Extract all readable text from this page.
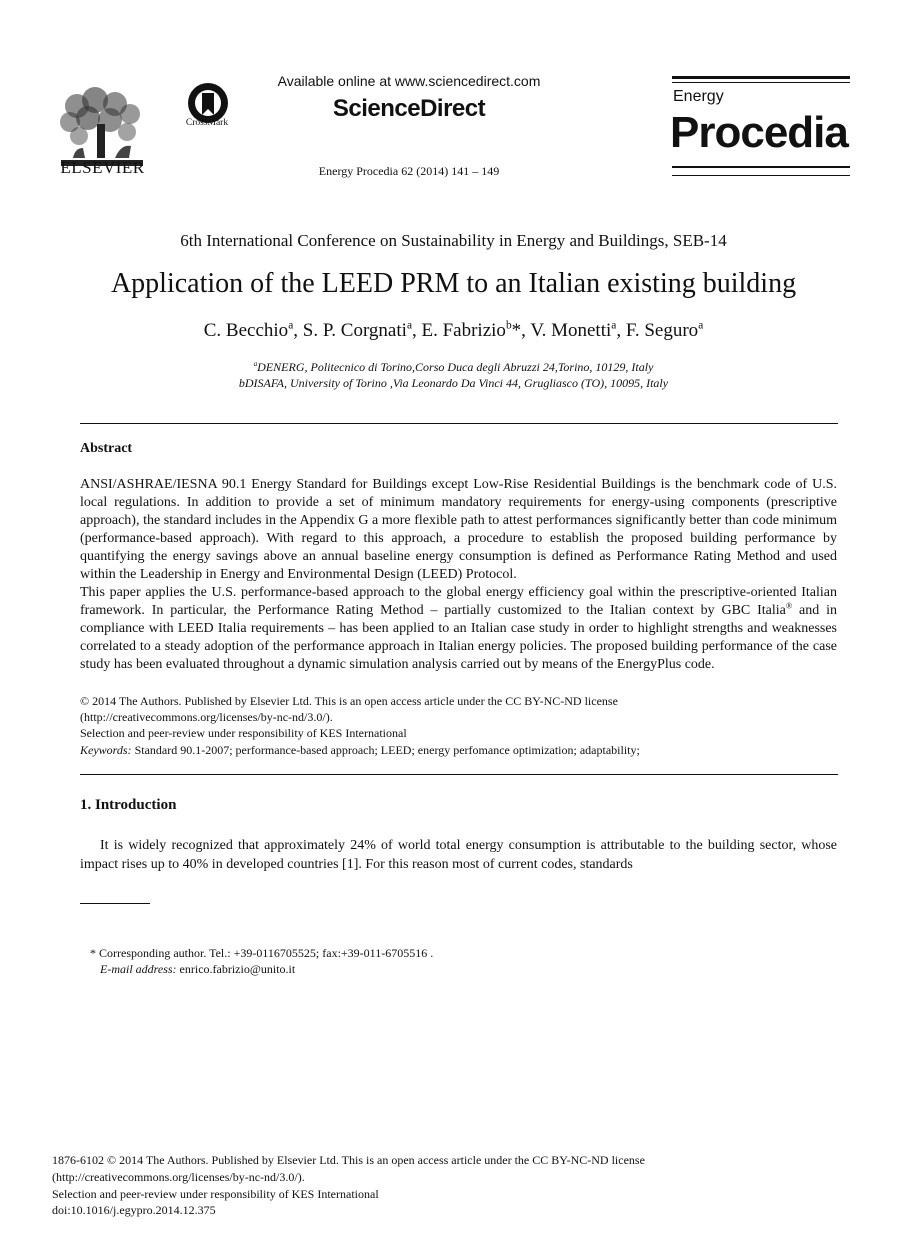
ELSEVIER
CrossMark
Available online at www.sciencedirect.com
ScienceDirect
Energy Procedia 62 (2014) 141 – 149
Energy
Procedia
6th International Conference on Sustainability in Energy and Buildings, SEB-14
Application of the LEED PRM to an Italian existing building
C. Becchio$^a$, S. P. Corgnati$^a$, E. Fabrizio$^b$*, V. Monetti$^a$, F. Seguro$^a$
$^a$DENERG, Politecnico di Torino,Corso Duca degli Abruzzi 24,Torino, 10129, Italy
bDISAFA, University of Torino ,Via Leonardo Da Vinci 44, Grugliasco (TO), 10095, Italy
Abstract
ANSI/ASHRAE/IESNA 90.1 Energy Standard for Buildings except Low-Rise Residential Buildings is the benchmark code of U.S. local regulations. In addition to provide a set of minimum mandatory requirements for energy-using components (prescriptive approach), the standard includes in the Appendix G a more flexible path to attest performances significantly better than code minimum (performance-based approach). With regard to this approach, a procedure to establish the proposed building performance by quantifying the energy savings above an annual baseline energy consumption is defined as Performance Rating Method and used within the Leadership in Energy and Environmental Design (LEED) Protocol.
This paper applies the U.S. performance-based approach to the global energy efficiency goal within the prescriptive-oriented Italian framework. In particular, the Performance Rating Method – partially customized to the Italian context by GBC Italia® and in compliance with LEED Italia requirements – has been applied to an Italian case study in order to highlight strengths and weaknesses correlated to a steady adoption of the performance approach in Italian energy policies. The proposed building performance of the case study has been evaluated throughout a dynamic simulation analysis carried out by means of the EnergyPlus code.
© 2014 The Authors. Published by Elsevier Ltd. This is an open access article under the CC BY-NC-ND license
(http://creativecommons.org/licenses/by-nc-nd/3.0/).
Selection and peer-review under responsibility of KES International
Keywords: Standard 90.1-2007; performance-based approach; LEED; energy perfomance optimization; adaptability;
1. Introduction
It is widely recognized that approximately 24% of world total energy consumption is attributable to the building sector, whose impact rises up to 40% in developed countries [1]. For this reason most of current codes, standards
* Corresponding author. Tel.: +39-0116705525; fax:+39-011-6705516 .
E-mail address: enrico.fabrizio@unito.it
1876-6102 © 2014 The Authors. Published by Elsevier Ltd. This is an open access article under the CC BY-NC-ND license
(http://creativecommons.org/licenses/by-nc-nd/3.0/).
Selection and peer-review under responsibility of KES International
doi:10.1016/j.egypro.2014.12.375
